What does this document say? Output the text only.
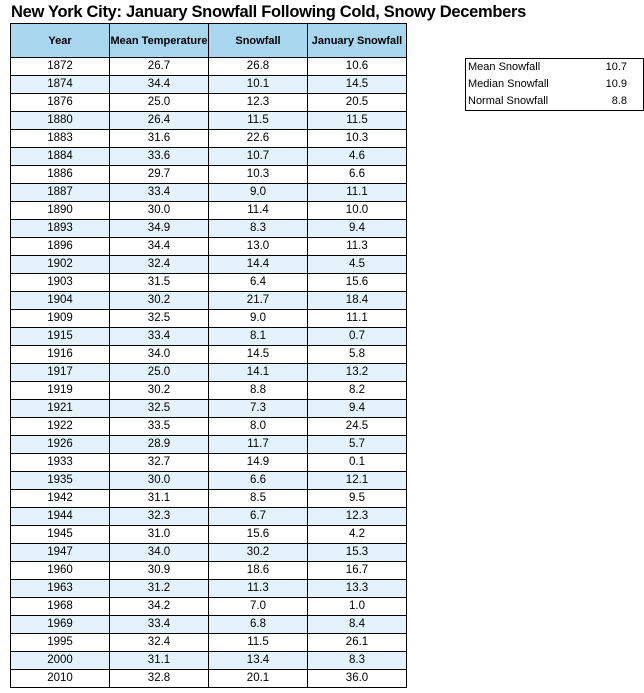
New York City: January Snowfall Following Cold, Snowy Decembers
Year	Mean Temperature	Snowfall	January Snowfall
1872	26.7	26.8	10.6
1874	34.4	10.1	14.5
1876	25.0	12.3	20.5
1880	26.4	11.5	11.5
1883	31.6	22.6	10.3
1884	33.6	10.7	4.6
1886	29.7	10.3	6.6
1887	33.4	9.0	11.1
1890	30.0	11.4	10.0
1893	34.9	8.3	9.4
1896	34.4	13.0	11.3
1902	32.4	14.4	4.5
1903	31.5	6.4	15.6
1904	30.2	21.7	18.4
1909	32.5	9.0	11.1
1915	33.4	8.1	0.7
1916	34.0	14.5	5.8
1917	25.0	14.1	13.2
1919	30.2	8.8	8.2
1921	32.5	7.3	9.4
1922	33.5	8.0	24.5
1926	28.9	11.7	5.7
1933	32.7	14.9	0.1
1935	30.0	6.6	12.1
1942	31.1	8.5	9.5
1944	32.3	6.7	12.3
1945	31.0	15.6	4.2
1947	34.0	30.2	15.3
1960	30.9	18.6	16.7
1963	31.2	11.3	13.3
1968	34.2	7.0	1.0
1969	33.4	6.8	8.4
1995	32.4	11.5	26.1
2000	31.1	13.4	8.3
2010	32.8	20.1	36.0
Mean Snowfall	10.7
Median Snowfall	10.9
Normal Snowfall	8.8
